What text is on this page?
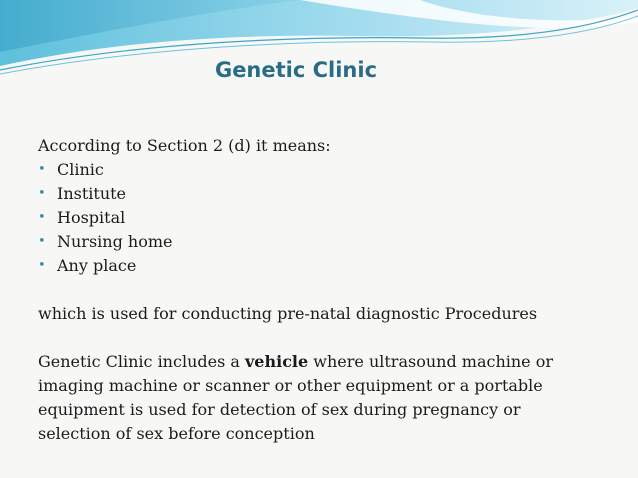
Genetic Clinic
According to Section 2 (d) it means:
• Clinic
• Institute
• Hospital
• Nursing home
• Any place
which is used for conducting pre-natal diagnostic Procedures
Genetic Clinic includes a vehicle where ultrasound machine or
imaging machine or scanner or other equipment or a portable
equipment is used for detection of sex during pregnancy or
selection of sex before conception
